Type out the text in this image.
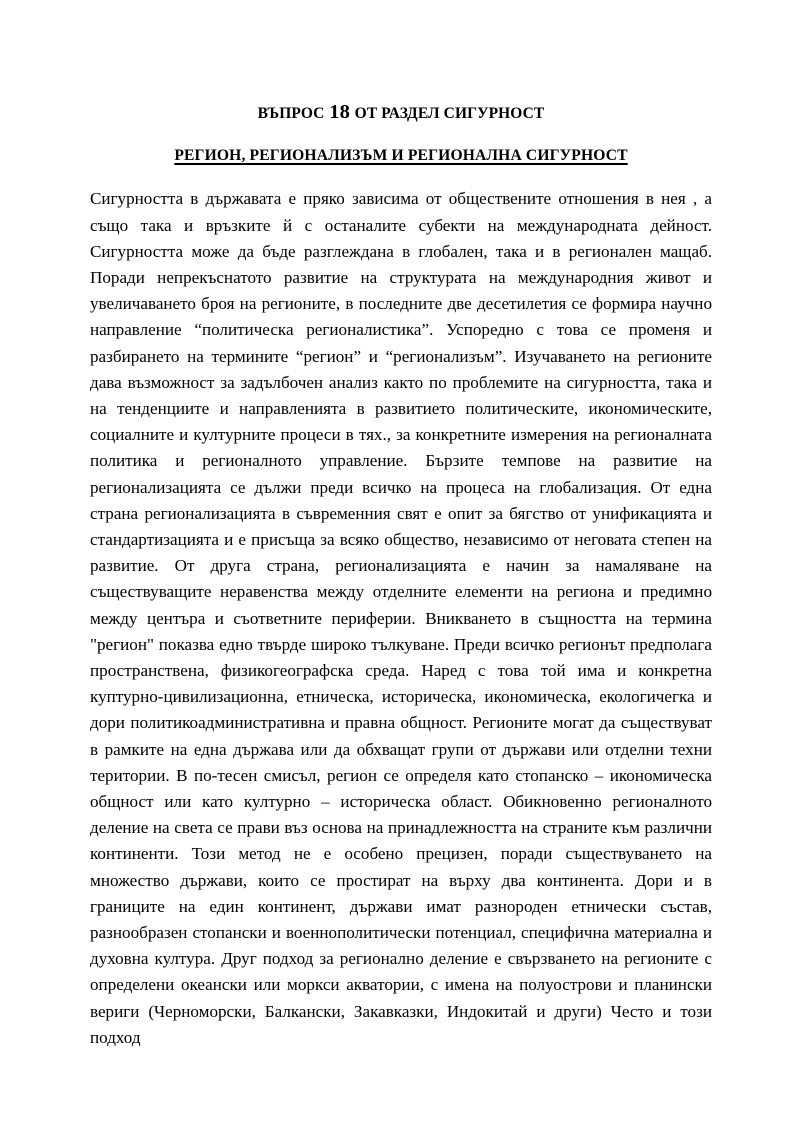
ВЪПРОС 18 ОТ РАЗДЕЛ СИГУРНОСТ
РЕГИОН, РЕГИОНАЛИЗЪМ И РЕГИОНАЛНА СИГУРНОСТ

Сигурността в държавата е пряко зависима от обществените отношения в нея , а също така и връзките й с останалите субекти на международната дейност. Сигурността може да бъде разглеждана в глобален, така и в регионален мащаб. Поради непрекъснатото развитие на структурата на международния живот и увеличаването броя на регионите, в последните две десетилетия се формира научно направление “политическа регионалистика”. Успоредно с това се променя и разбирането на термините “регион” и “регионализъм”. Изучаването на регионите дава възможност за задълбочен анализ както по проблемите на сигурността, така и на тенденциите и направленията в развитието политическите, икономическите, социалните и културните процеси в тях., за конкретните измерения на регионалната политика и регионалното управление. Бързите темпове на развитие на регионализацията се дължи преди всичко на процеса на глобализация. От една страна регионализацията в съвременния свят е опит за бягство от унификацията и стандартизацията и е присъща за всяко общество, независимо от неговата степен на развитие. От друга страна, регионализацията е начин за намаляване на съществуващите неравенства между отделните елементи на региона и предимно между центъра и съответните периферии. Вникването в същността на термина "регион" показва едно твърде широко тълкуване. Преди всичко регионът предполага пространствена, физикогеографска среда. Наред с това той има и конкретна куптурно-цивилизационна, етническа, историческа, икономическа, екологичегка и дори политикоадминистративна и правна общност. Регионите могат да съществуват в рамките на една държава или да обхващат групи от държави или отделни техни територии. В по-тесен смисъл, регион се определя като стопанско – икономическа общност или като културно – историческа област. Обикновенно регионалното деление на света се прави въз основа на принадлежността на страните към различни континенти. Този метод не е особено прецизен, поради съществуването на множество държави, които се простират на върху два континента. Дори и в границите на един континент, държави имат разнороден етнически състав, разнообразен стопански и военнополитически потенциал, специфична материална и духовна култура. Друг подход за регионално деление е свързването на регионите с определени океански или моркси акватории, с имена на полуострови и планински вериги (Черноморски, Балкански, Закавказки, Индокитай и други) Често и този подход
